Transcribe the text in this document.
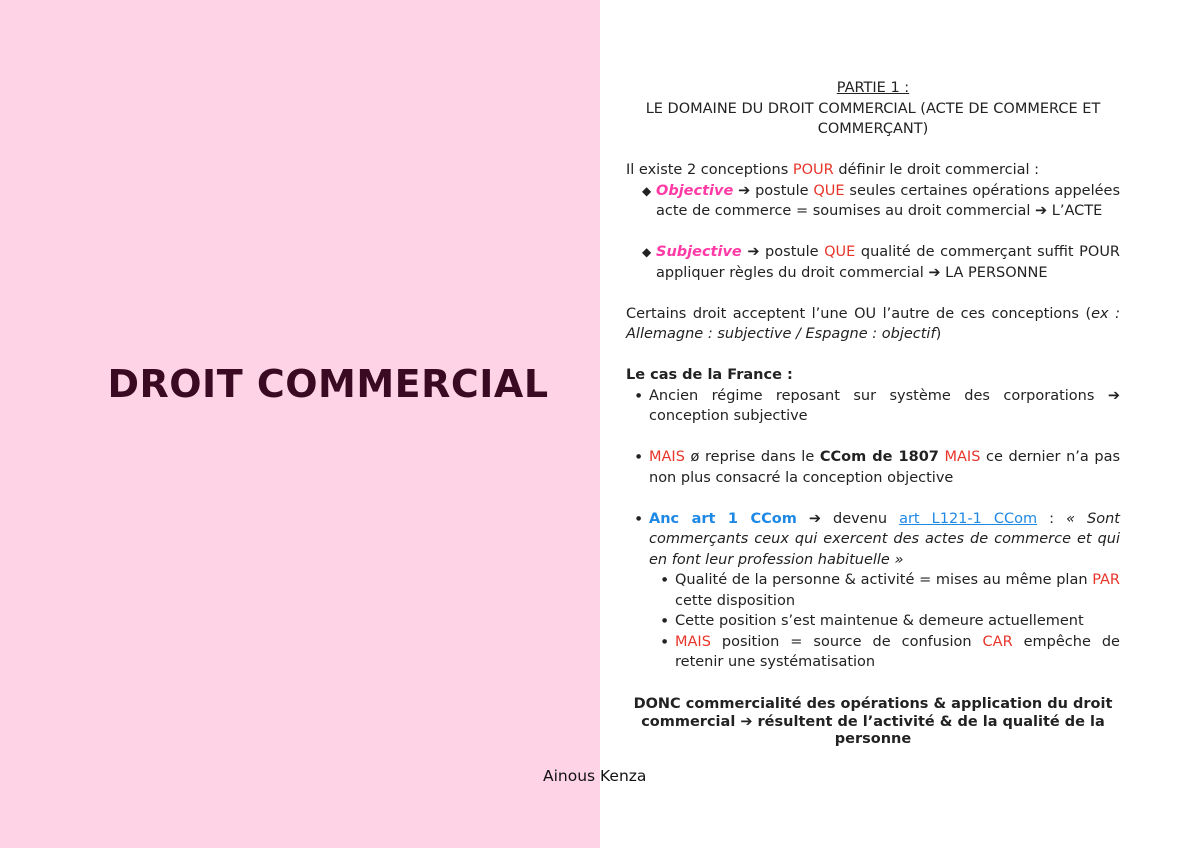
DROIT COMMERCIAL
PARTIE 1 :
LE DOMAINE DU DROIT COMMERCIAL (ACTE DE COMMERCE ET COMMERÇANT)
Il existe 2 conceptions POUR définir le droit commercial :
◆ Objective ➔ postule QUE seules certaines opérations appelées acte de commerce = soumises au droit commercial ➔ L’ACTE
◆ Subjective ➔ postule QUE qualité de commerçant suffit POUR appliquer règles du droit commercial ➔ LA PERSONNE
Certains droit acceptent l’une OU l’autre de ces conceptions (ex : Allemagne : subjective / Espagne : objectif)
Le cas de la France :
● Ancien régime reposant sur système des corporations ➔ conception subjective
● MAIS ø reprise dans le CCom de 1807 MAIS ce dernier n’a pas non plus consacré la conception objective
● Anc art 1 CCom ➔ devenu art L121-1 CCom : « Sont commerçants ceux qui exercent des actes de commerce et qui en font leur profession habituelle »
● Qualité de la personne & activité = mises au même plan PAR cette disposition
● Cette position s’est maintenue & demeure actuellement
● MAIS position = source de confusion CAR empêche de retenir une systématisation
DONC commercialité des opérations & application du droit commercial ➔ résultent de l’activité & de la qualité de la personne
Ainous Kenza
